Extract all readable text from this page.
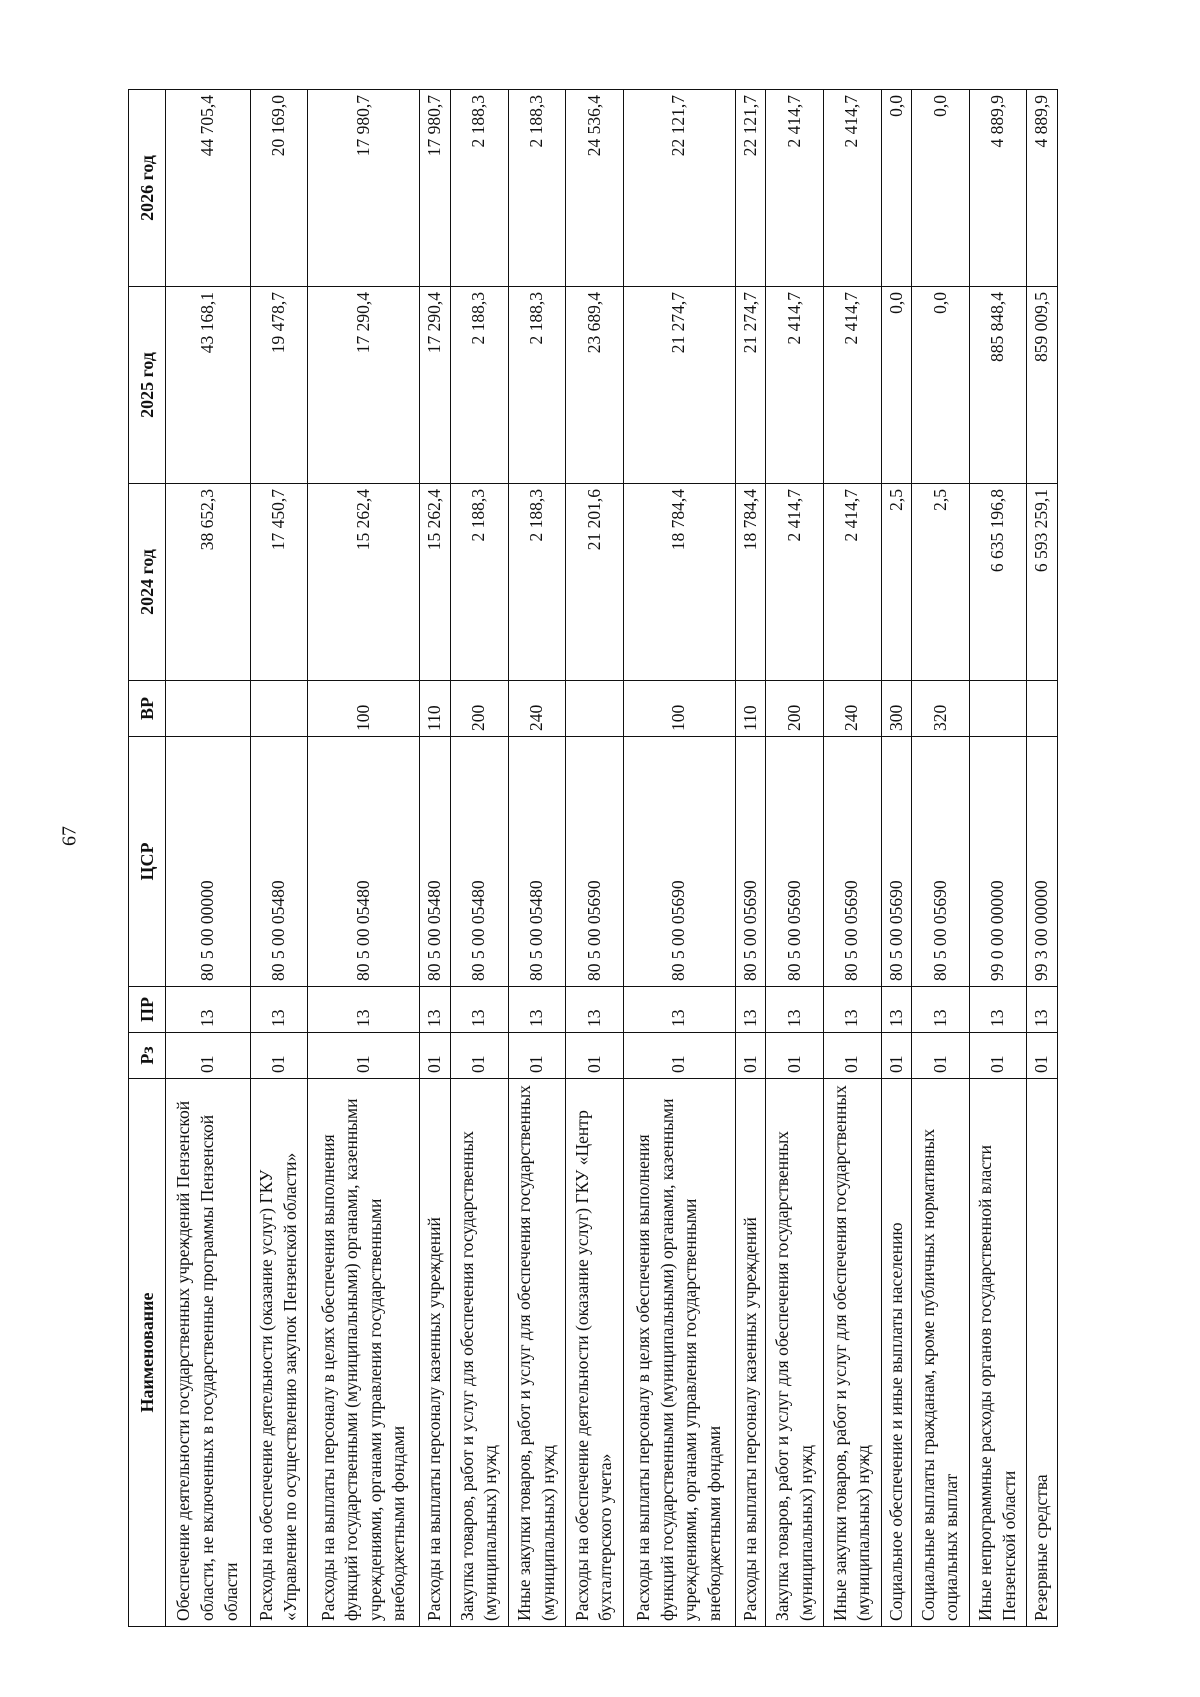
67
Наименование	Рз	ПР	ЦСР	ВР	2024 год	2025 год	2026 год
Обеспечение деятельности государственных учреждений Пензенской области, не включенных в государственные программы Пензенской области	01	13	80 5 00 00000		38 652,3	43 168,1	44 705,4
Расходы на обеспечение деятельности (оказание услуг) ГКУ «Управление по осуществлению закупок Пензенской области»	01	13	80 5 00 05480		17 450,7	19 478,7	20 169,0
Расходы на выплаты персоналу в целях обеспечения выполнения функций государственными (муниципальными) органами, казенными учреждениями, органами управления государственными внебюджетными фондами	01	13	80 5 00 05480	100	15 262,4	17 290,4	17 980,7
Расходы на выплаты персоналу казенных учреждений	01	13	80 5 00 05480	110	15 262,4	17 290,4	17 980,7
Закупка товаров, работ и услуг для обеспечения государственных (муниципальных) нужд	01	13	80 5 00 05480	200	2 188,3	2 188,3	2 188,3
Иные закупки товаров, работ и услуг для обеспечения государственных (муниципальных) нужд	01	13	80 5 00 05480	240	2 188,3	2 188,3	2 188,3
Расходы на обеспечение деятельности (оказание услуг) ГКУ «Центр бухгалтерского учета»	01	13	80 5 00 05690		21 201,6	23 689,4	24 536,4
Расходы на выплаты персоналу в целях обеспечения выполнения функций государственными (муниципальными) органами, казенными учреждениями, органами управления государственными внебюджетными фондами	01	13	80 5 00 05690	100	18 784,4	21 274,7	22 121,7
Расходы на выплаты персоналу казенных учреждений	01	13	80 5 00 05690	110	18 784,4	21 274,7	22 121,7
Закупка товаров, работ и услуг для обеспечения государственных (муниципальных) нужд	01	13	80 5 00 05690	200	2 414,7	2 414,7	2 414,7
Иные закупки товаров, работ и услуг для обеспечения государственных (муниципальных) нужд	01	13	80 5 00 05690	240	2 414,7	2 414,7	2 414,7
Социальное обеспечение и иные выплаты населению	01	13	80 5 00 05690	300	2,5	0,0	0,0
Социальные выплаты гражданам, кроме публичных нормативных социальных выплат	01	13	80 5 00 05690	320	2,5	0,0	0,0
Иные непрограммные расходы органов государственной власти Пензенской области	01	13	99 0 00 00000		6 635 196,8	885 848,4	4 889,9
Резервные средства	01	13	99 3 00 00000		6 593 259,1	859 009,5	4 889,9
